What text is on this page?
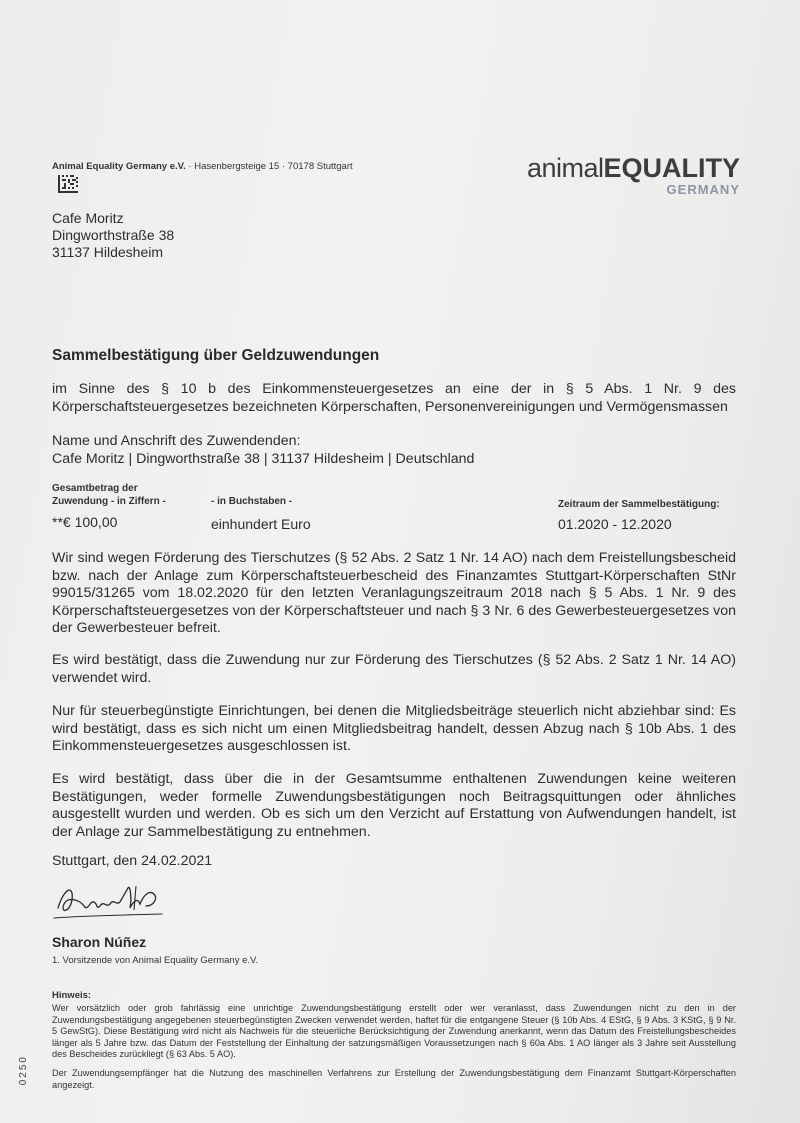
Animal Equality Germany e.V. · Hasenbergsteige 15 · 70178 Stuttgart	animalEQUALITY
GERMANY
Cafe Moritz
Dingworthstraße 38
31137 Hildesheim
Sammelbestätigung über Geldzuwendungen

im Sinne des § 10 b des Einkommensteuergesetzes an eine der in § 5 Abs. 1 Nr. 9 des Körperschaftsteuergesetzes bezeichneten Körperschaften, Personenvereinigungen und Vermögensmassen

Name und Anschrift des Zuwendenden:
Cafe Moritz | Dingworthstraße 38 | 31137 Hildesheim | Deutschland
Gesamtbetrag der
Zuwendung - in Ziffern -	- in Buchstaben -	Zeitraum der Sammelbestätigung:
**€ 100,00	einhundert Euro	01.2020 - 12.2020

Wir sind wegen Förderung des Tierschutzes (§ 52 Abs. 2 Satz 1 Nr. 14 AO) nach dem Freistellungsbescheid bzw. nach der Anlage zum Körperschaftsteuerbescheid des Finanzamtes Stuttgart-Körperschaften StNr 99015/31265 vom 18.02.2020 für den letzten Veranlagungszeitraum 2018 nach § 5 Abs. 1 Nr. 9 des Körperschaftsteuergesetzes von der Körperschaftsteuer und nach § 3 Nr. 6 des Gewerbesteuergesetzes von der Gewerbesteuer befreit.

Es wird bestätigt, dass die Zuwendung nur zur Förderung des Tierschutzes (§ 52 Abs. 2 Satz 1 Nr. 14 AO) verwendet wird.

Nur für steuerbegünstigte Einrichtungen, bei denen die Mitgliedsbeiträge steuerlich nicht abziehbar sind: Es wird bestätigt, dass es sich nicht um einen Mitgliedsbeitrag handelt, dessen Abzug nach § 10b Abs. 1 des Einkommensteuergesetzes ausgeschlossen ist.

Es wird bestätigt, dass über die in der Gesamtsumme enthaltenen Zuwendungen keine weiteren Bestätigungen, weder formelle Zuwendungsbestätigungen noch Beitragsquittungen oder ähnliches ausgestellt wurden und werden. Ob es sich um den Verzicht auf Erstattung von Aufwendungen handelt, ist der Anlage zur Sammelbestätigung zu entnehmen.

Stuttgart, den 24.02.2021
Sharon Núñez
1. Vorsitzende von Animal Equality Germany e.V.
Hinweis:

Wer vorsätzlich oder grob fahrlässig eine unrichtige Zuwendungsbestätigung erstellt oder wer veranlasst, dass Zuwendungen nicht zu den in der Zuwendungsbestätigung angegebenen steuerbegünstigten Zwecken verwendet werden, haftet für die entgangene Steuer (§ 10b Abs. 4 EStG, § 9 Abs. 3 KStG, § 9 Nr. 5 GewStG). Diese Bestätigung wird nicht als Nachweis für die steuerliche Berücksichtigung der Zuwendung anerkannt, wenn das Datum des Freistellungsbescheides länger als 5 Jahre bzw. das Datum der Feststellung der Einhaltung der satzungsmäßigen Voraussetzungen nach § 60a Abs. 1 AO länger als 3 Jahre seit Ausstellung des Bescheides zurückliegt (§ 63 Abs. 5 AO).

Der Zuwendungsempfänger hat die Nutzung des maschinellen Verfahrens zur Erstellung der Zuwendungsbestätigung dem Finanzamt Stuttgart-Körperschaften angezeigt.

0250
